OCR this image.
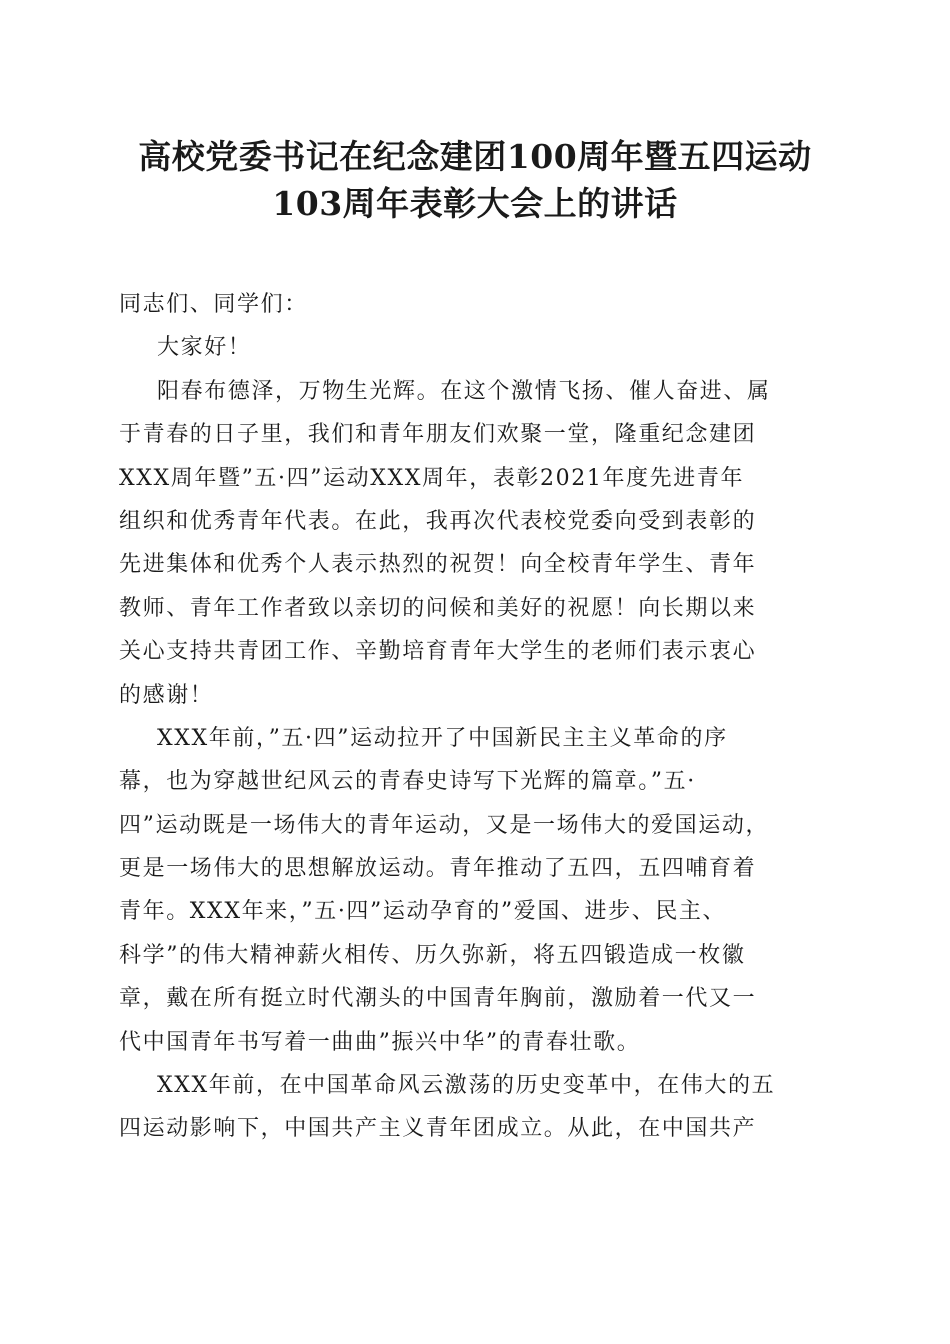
高校党委书记在纪念建团100周年暨五四运动
103周年表彰大会上的讲话
同志们、同学们：
大家好！
阳春布德泽，万物生光辉。在这个激情飞扬、催人奋进、属
于青春的日子里，我们和青年朋友们欢聚一堂，隆重纪念建团
XXX周年暨”五·四”运动XXX周年，表彰2021年度先进青年
组织和优秀青年代表。在此，我再次代表校党委向受到表彰的
先进集体和优秀个人表示热烈的祝贺！向全校青年学生、青年
教师、青年工作者致以亲切的问候和美好的祝愿！向长期以来
关心支持共青团工作、辛勤培育青年大学生的老师们表示衷心
的感谢！
XXX年前，”五·四”运动拉开了中国新民主主义革命的序
幕，也为穿越世纪风云的青春史诗写下光辉的篇章。”五·
四”运动既是一场伟大的青年运动，又是一场伟大的爱国运动，
更是一场伟大的思想解放运动。青年推动了五四，五四哺育着
青年。XXX年来，”五·四”运动孕育的”爱国、进步、民主、
科学”的伟大精神薪火相传、历久弥新，将五四锻造成一枚徽
章，戴在所有挺立时代潮头的中国青年胸前，激励着一代又一
代中国青年书写着一曲曲”振兴中华”的青春壮歌。
XXX年前，在中国革命风云激荡的历史变革中，在伟大的五
四运动影响下，中国共产主义青年团成立。从此，在中国共产
